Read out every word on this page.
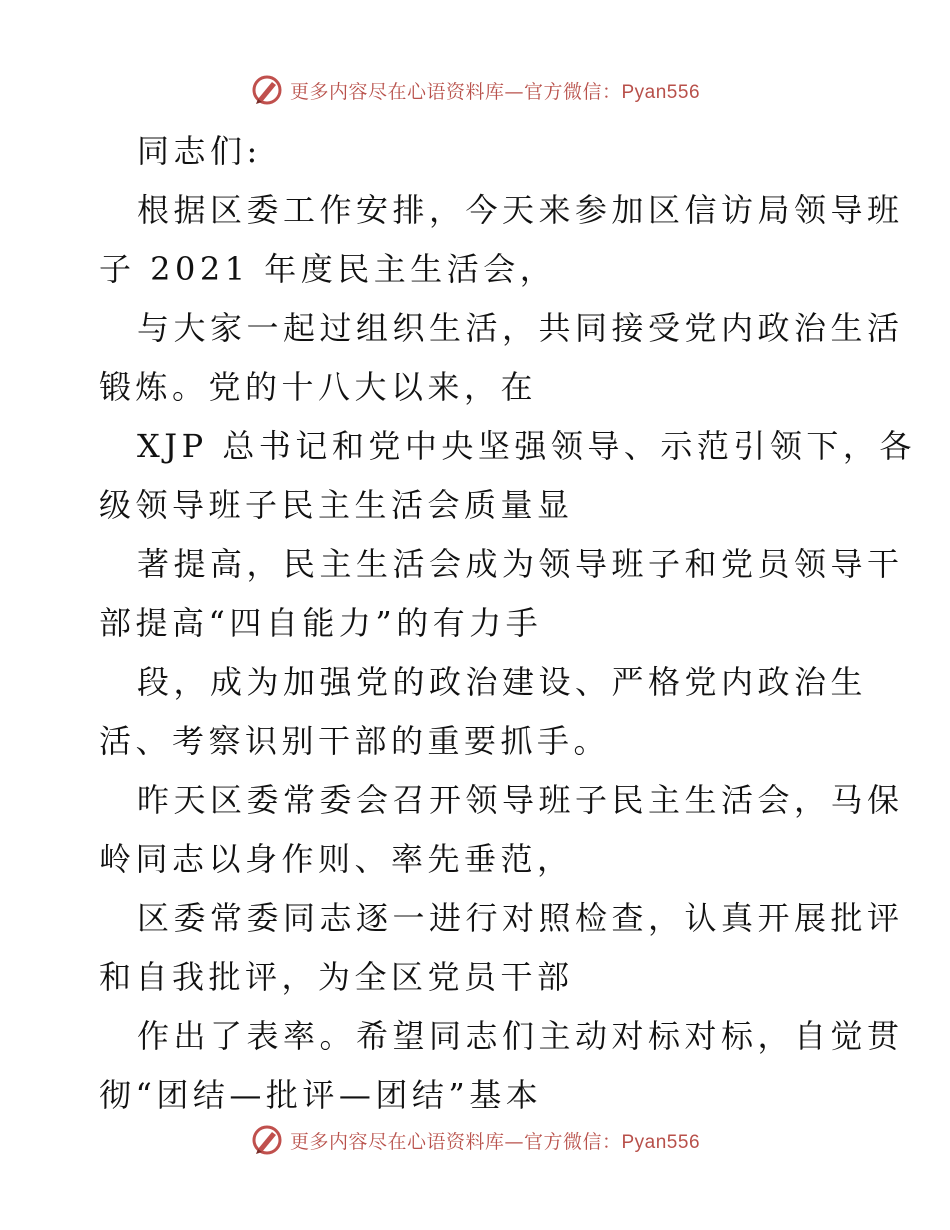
更多内容尽在心语资料库—官方微信：Pyan556
同志们:
根据区委工作安排，今天来参加区信访局领导班
子 2021 年度民主生活会，
与大家一起过组织生活，共同接受党内政治生活
锻炼。党的十八大以来，在
XJP 总书记和党中央坚强领导、示范引领下，各
级领导班子民主生活会质量显
著提高，民主生活会成为领导班子和党员领导干
部提高“四自能力”的有力手
段，成为加强党的政治建设、严格党内政治生
活、考察识别干部的重要抓手。
昨天区委常委会召开领导班子民主生活会，马保
岭同志以身作则、率先垂范，
区委常委同志逐一进行对照检查，认真开展批评
和自我批评，为全区党员干部
作出了表率。希望同志们主动对标对标，自觉贯
彻“团结—批评—团结”基本
更多内容尽在心语资料库—官方微信：Pyan556
